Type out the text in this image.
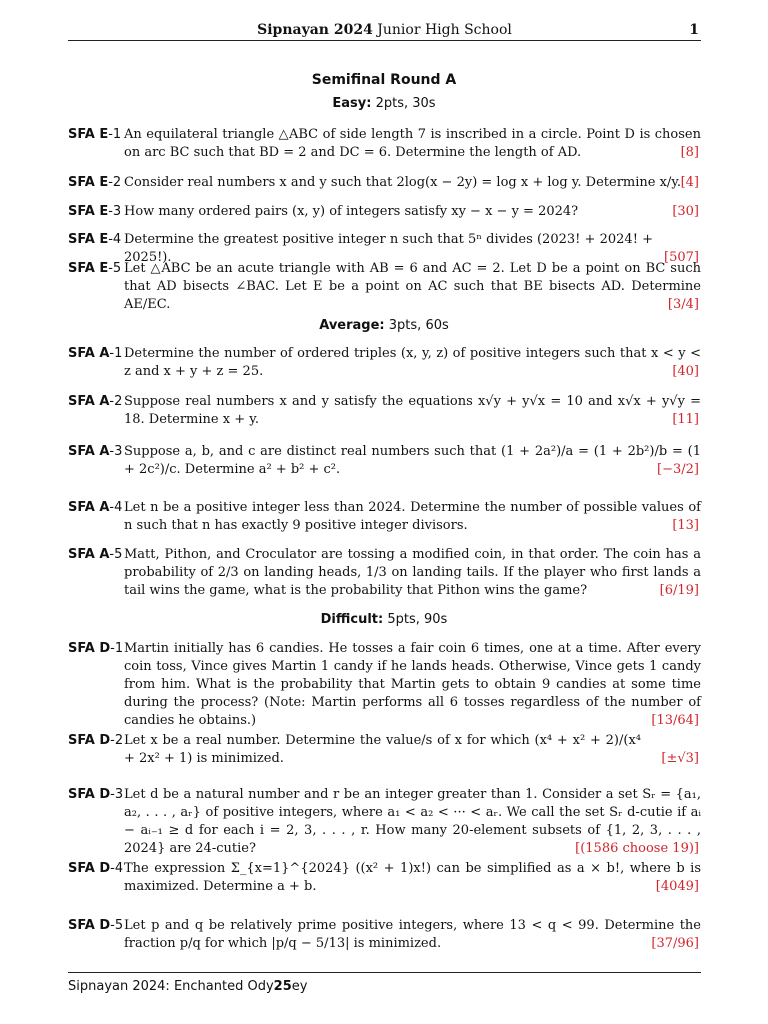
Sipnayan 2024 Junior High School	1
Semifinal Round A
Easy: 2pts, 30s
SFA E-1 An equilateral triangle △ABC of side length 7 is inscribed in a circle. Point D is chosen on arc BC such that BD = 2 and DC = 6. Determine the length of AD.	[8]
SFA E-2 Consider real numbers x and y such that 2log(x − 2y) = log x + log y. Determine x/y. [4]
SFA E-3 How many ordered pairs (x, y) of integers satisfy xy − x − y = 2024?	[30]
SFA E-4 Determine the greatest positive integer n such that 5ⁿ divides (2023! + 2024! + 2025!).	[507]
SFA E-5 Let △ABC be an acute triangle with AB = 6 and AC = 2. Let D be a point on BC such that AD bisects ∠BAC. Let E be a point on AC such that BE bisects AD. Determine AE/EC.	[3/4]
Average: 3pts, 60s
SFA A-1 Determine the number of ordered triples (x, y, z) of positive integers such that x < y < z and x + y + z = 25.	[40]
SFA A-2 Suppose real numbers x and y satisfy the equations x√y + y√x = 10 and x√x + y√y = 18. Determine x + y.	[11]
SFA A-3 Suppose a, b, and c are distinct real numbers such that (1 + 2a²)/a = (1 + 2b²)/b = (1 + 2c²)/c. Determine a² + b² + c².	[−3/2]
SFA A-4 Let n be a positive integer less than 2024. Determine the number of possible values of n such that n has exactly 9 positive integer divisors.	[13]
SFA A-5 Matt, Pithon, and Croculator are tossing a modified coin, in that order. The coin has a probability of 2/3 on landing heads, 1/3 on landing tails. If the player who first lands a tail wins the game, what is the probability that Pithon wins the game?	[6/19]
Difficult: 5pts, 90s
SFA D-1 Martin initially has 6 candies. He tosses a fair coin 6 times, one at a time. After every coin toss, Vince gives Martin 1 candy if he lands heads. Otherwise, Vince gets 1 candy from him. What is the probability that Martin gets to obtain 9 candies at some time during the process? (Note: Martin performs all 6 tosses regardless of the number of candies he obtains.)	[13/64]
SFA D-2 Let x be a real number. Determine the value/s of x for which (x⁴ + x² + 2)/(x⁴ + 2x² + 1) is minimized.	[±√3]
SFA D-3 Let d be a natural number and r be an integer greater than 1. Consider a set Sᵣ = {a₁, a₂, . . . , aᵣ} of positive integers, where a₁ < a₂ < ··· < aᵣ. We call the set Sᵣ d-cutie if aᵢ − aᵢ₋₁ ≥ d for each i = 2, 3, . . . , r. How many 20-element subsets of {1, 2, 3, . . . , 2024} are 24-cutie?	[(1586 choose 19)]
SFA D-4 The expression Σ_{x=1}^{2024} ((x² + 1)x!) can be simplified as a × b!, where b is maximized. Determine a + b.	[4049]
SFA D-5 Let p and q be relatively prime positive integers, where 13 < q < 99. Determine the fraction p/q for which |p/q − 5/13| is minimized.	[37/96]
Sipnayan 2024: Enchanted Ody25ey
